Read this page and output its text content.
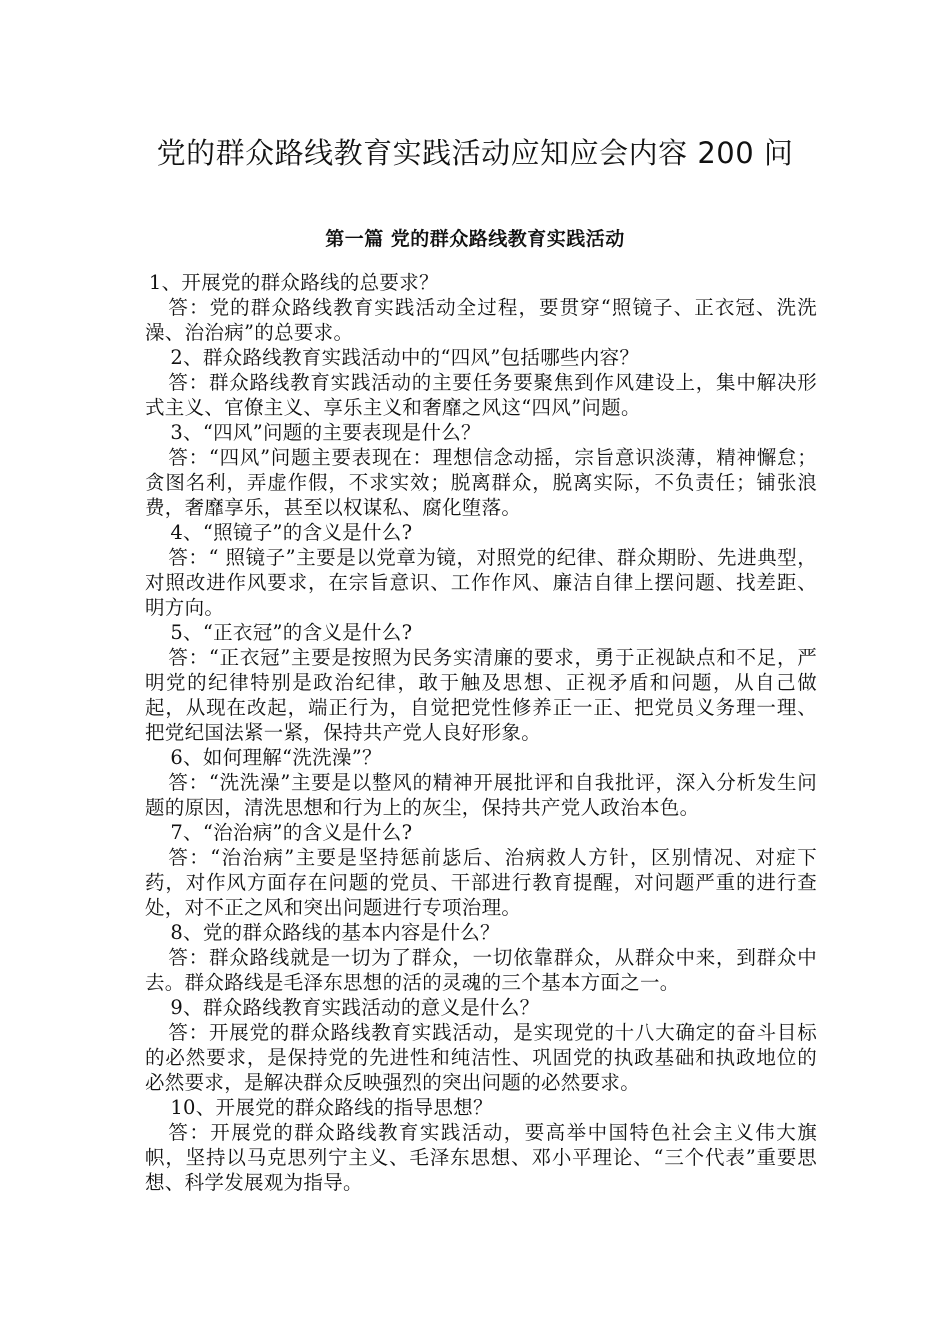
党的群众路线教育实践活动应知应会内容 200 问
第一篇 党的群众路线教育实践活动

1、开展党的群众路线的总要求？

答：党的群众路线教育实践活动全过程，要贯穿“照镜子、正衣冠、洗洗澡、治治病”的总要求。

2、群众路线教育实践活动中的“四风”包括哪些内容？

答：群众路线教育实践活动的主要任务要聚焦到作风建设上，集中解决形式主义、官僚主义、享乐主义和奢靡之风这“四风”问题。

3、“四风”问题的主要表现是什么？

答：“四风”问题主要表现在：理想信念动摇，宗旨意识淡薄，精神懈怠；贪图名利，弄虚作假，不求实效；脱离群众，脱离实际，不负责任；铺张浪费，奢靡享乐，甚至以权谋私、腐化堕落。

4、“照镜子”的含义是什么?

答：“ 照镜子”主要是以党章为镜，对照党的纪律、群众期盼、先进典型，对照改进作风要求，在宗旨意识、工作作风、廉洁自律上摆问题、找差距、明方向。

5、“正衣冠”的含义是什么?

答：“正衣冠”主要是按照为民务实清廉的要求，勇于正视缺点和不足，严明党的纪律特别是政治纪律，敢于触及思想、正视矛盾和问题，从自己做起，从现在改起，端正行为，自觉把党性修养正一正、把党员义务理一理、把党纪国法紧一紧，保持共产党人良好形象。

6、如何理解“洗洗澡”？

答：“洗洗澡”主要是以整风的精神开展批评和自我批评，深入分析发生问题的原因，清洗思想和行为上的灰尘，保持共产党人政治本色。

7、“治治病”的含义是什么?

答：“治治病”主要是坚持惩前毖后、治病救人方针，区别情况、对症下药，对作风方面存在问题的党员、干部进行教育提醒，对问题严重的进行查处，对不正之风和突出问题进行专项治理。

8、党的群众路线的基本内容是什么？

答：群众路线就是一切为了群众，一切依靠群众，从群众中来，到群众中去。群众路线是毛泽东思想的活的灵魂的三个基本方面之一。

9、群众路线教育实践活动的意义是什么？

答：开展党的群众路线教育实践活动，是实现党的十八大确定的奋斗目标的必然要求，是保持党的先进性和纯洁性、巩固党的执政基础和执政地位的必然要求，是解决群众反映强烈的突出问题的必然要求。

10、开展党的群众路线的指导思想？

答：开展党的群众路线教育实践活动，要高举中国特色社会主义伟大旗帜，坚持以马克思列宁主义、毛泽东思想、邓小平理论、“三个代表”重要思想、科学发展观为指导。
